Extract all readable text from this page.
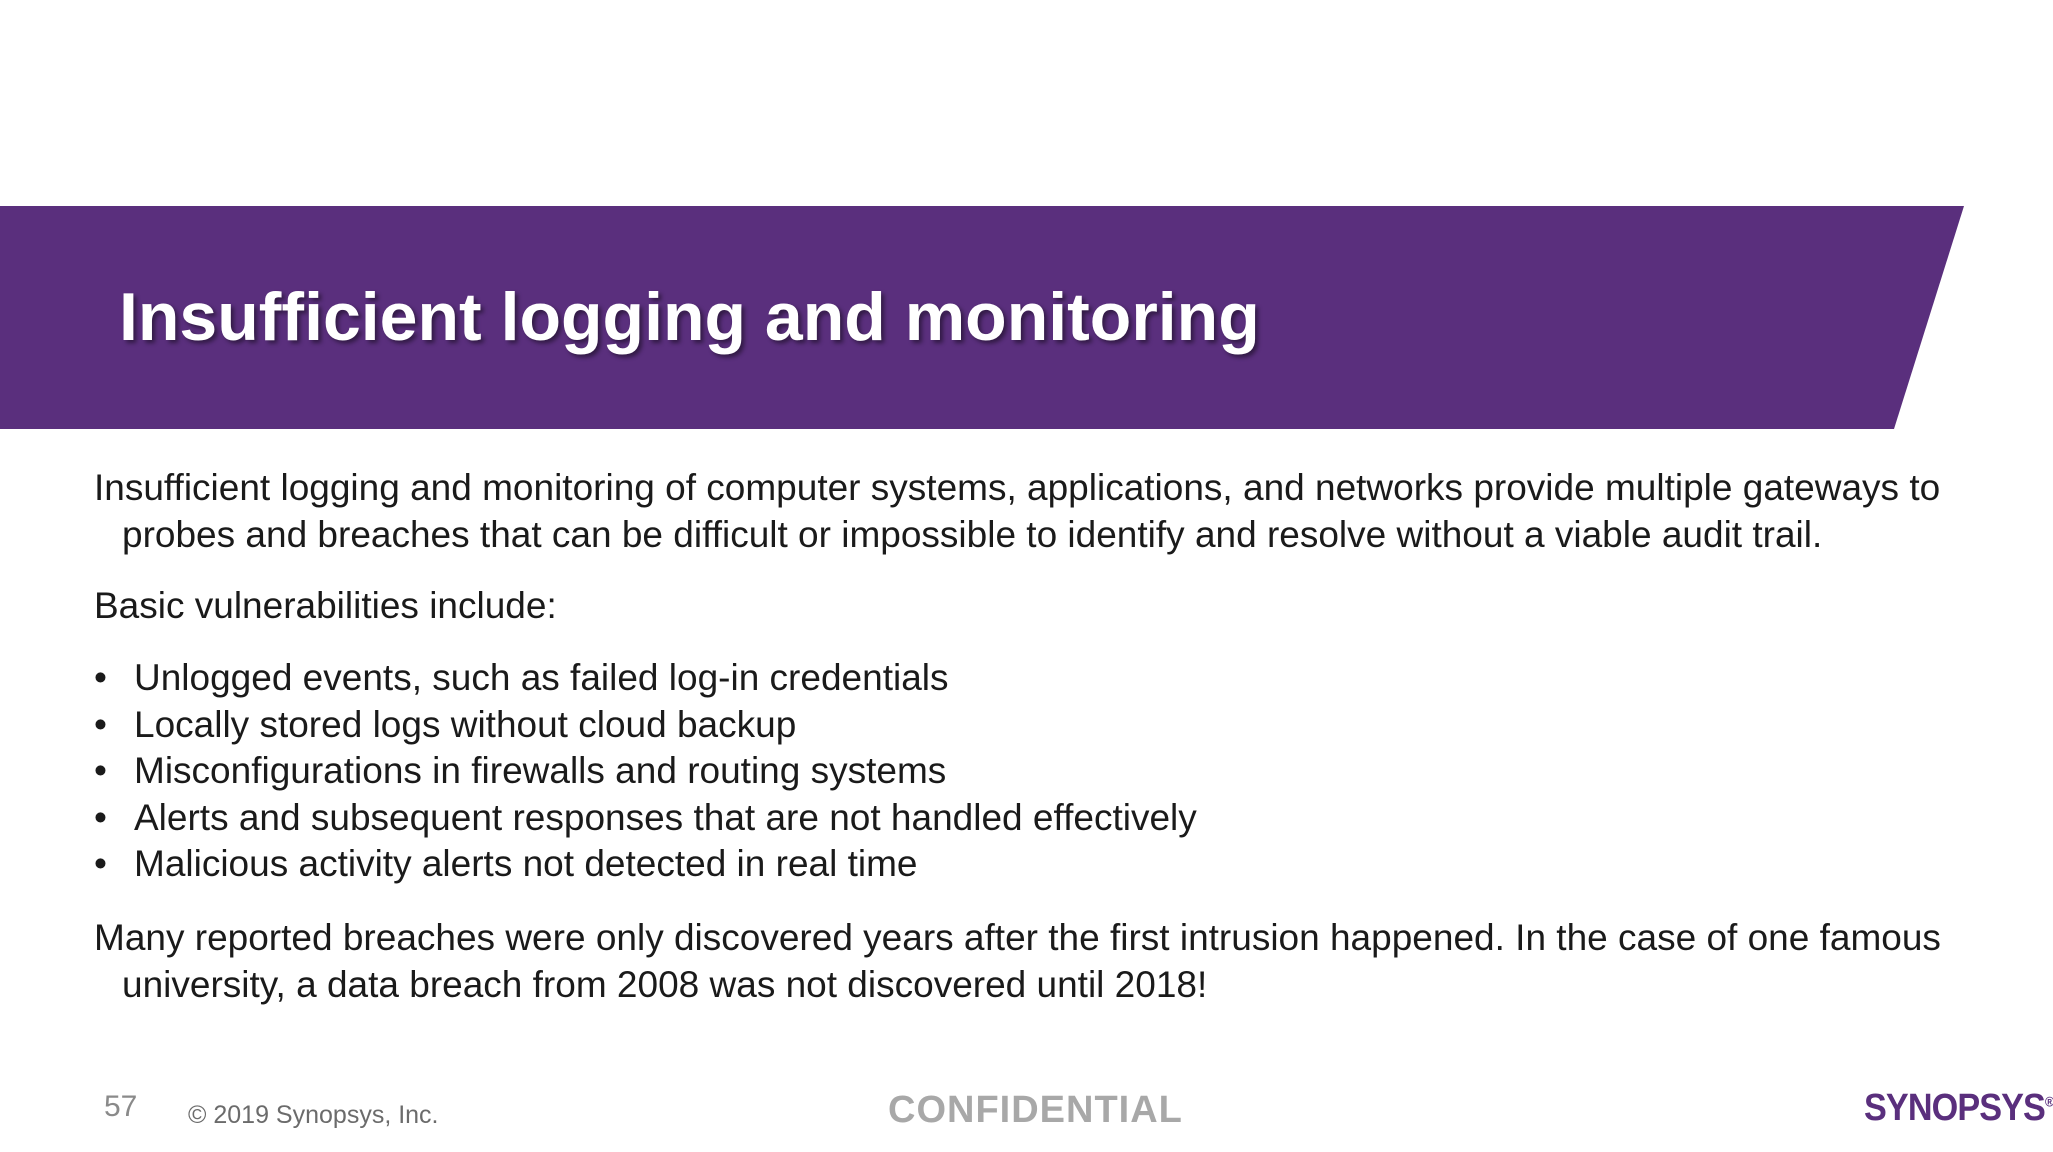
Insufficient logging and monitoring

Insufficient logging and monitoring of computer systems, applications, and networks provide multiple gateways to probes and breaches that can be difficult or impossible to identify and resolve without a viable audit trail.

Basic vulnerabilities include:

• Unlogged events, such as failed log-in credentials
• Locally stored logs without cloud backup
• Misconfigurations in firewalls and routing systems
• Alerts and subsequent responses that are not handled effectively
• Malicious activity alerts not detected in real time

Many reported breaches were only discovered years after the first intrusion happened. In the case of one famous university, a data breach from 2008 was not discovered until 2018!

57 © 2019 Synopsys, Inc.	CONFIDENTIAL	SYNOPSYS®
